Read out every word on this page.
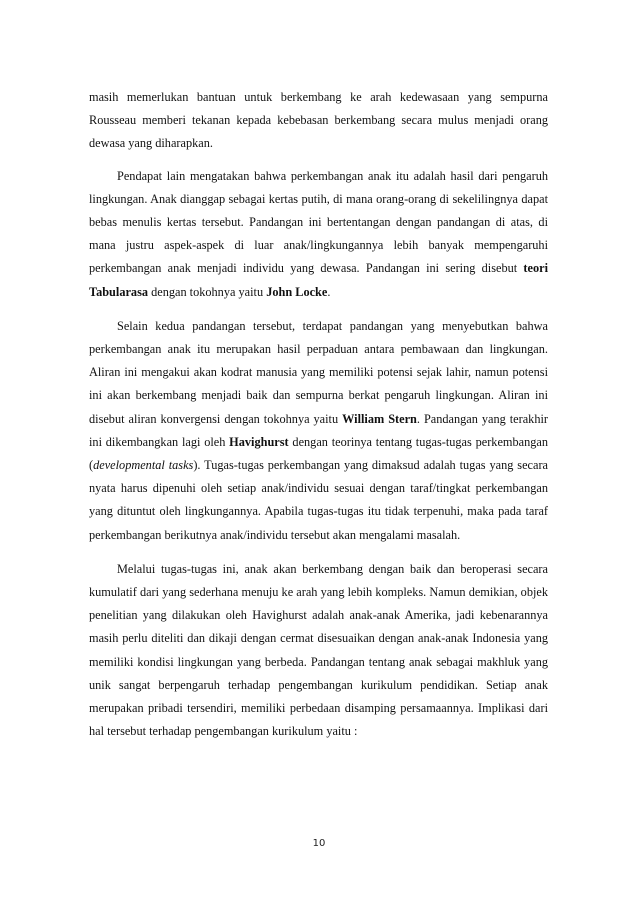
masih memerlukan bantuan untuk berkembang ke arah kedewasaan yang sempurna Rousseau memberi tekanan kepada kebebasan berkembang secara mulus menjadi orang dewasa yang diharapkan.

Pendapat lain mengatakan bahwa perkembangan anak itu adalah hasil dari pengaruh lingkungan. Anak dianggap sebagai kertas putih, di mana orang-orang di sekelilingnya dapat bebas menulis kertas tersebut. Pandangan ini bertentangan dengan pandangan di atas, di mana justru aspek-aspek di luar anak/lingkungannya lebih banyak mempengaruhi perkembangan anak menjadi individu yang dewasa. Pandangan ini sering disebut teori Tabularasa dengan tokohnya yaitu John Locke.

Selain kedua pandangan tersebut, terdapat pandangan yang menyebutkan bahwa perkembangan anak itu merupakan hasil perpaduan antara pembawaan dan lingkungan. Aliran ini mengakui akan kodrat manusia yang memiliki potensi sejak lahir, namun potensi ini akan berkembang menjadi baik dan sempurna berkat pengaruh lingkungan. Aliran ini disebut aliran konvergensi dengan tokohnya yaitu William Stern. Pandangan yang terakhir ini dikembangkan lagi oleh Havighurst dengan teorinya tentang tugas-tugas perkembangan (developmental tasks). Tugas-tugas perkembangan yang dimaksud adalah tugas yang secara nyata harus dipenuhi oleh setiap anak/individu sesuai dengan taraf/tingkat perkembangan yang dituntut oleh lingkungannya. Apabila tugas-tugas itu tidak terpenuhi, maka pada taraf perkembangan berikutnya anak/individu tersebut akan mengalami masalah.

Melalui tugas-tugas ini, anak akan berkembang dengan baik dan beroperasi secara kumulatif dari yang sederhana menuju ke arah yang lebih kompleks. Namun demikian, objek penelitian yang dilakukan oleh Havighurst adalah anak-anak Amerika, jadi kebenarannya masih perlu diteliti dan dikaji dengan cermat disesuaikan dengan anak-anak Indonesia yang memiliki kondisi lingkungan yang berbeda. Pandangan tentang anak sebagai makhluk yang unik sangat berpengaruh terhadap pengembangan kurikulum pendidikan. Setiap anak merupakan pribadi tersendiri, memiliki perbedaan disamping persamaannya. Implikasi dari hal tersebut terhadap pengembangan kurikulum yaitu :

10
